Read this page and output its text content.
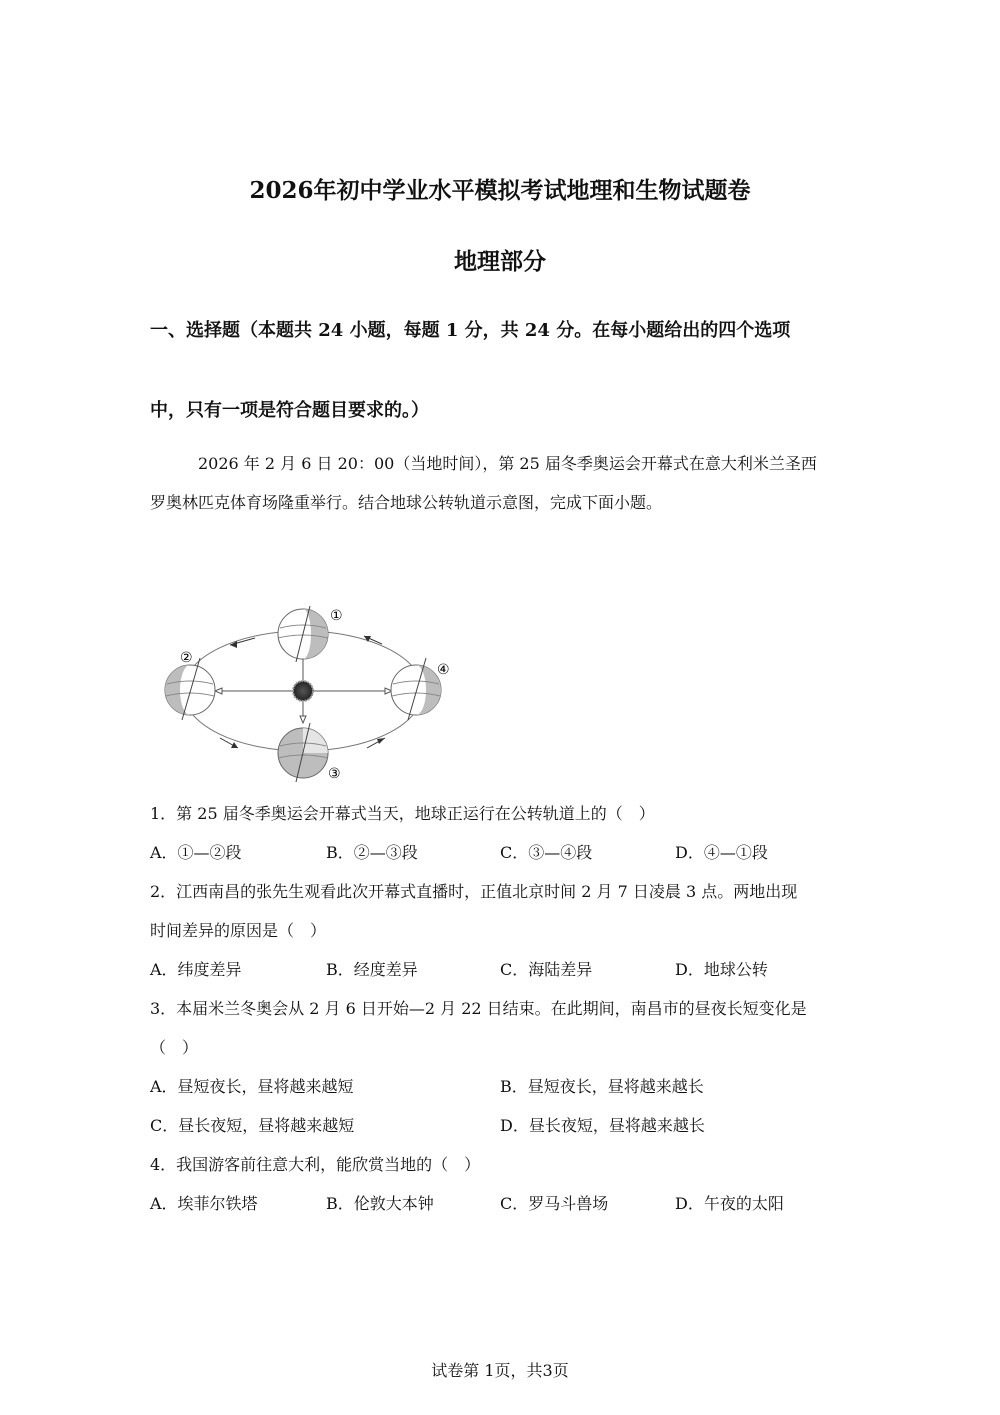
2026年初中学业水平模拟考试地理和生物试题卷
地理部分
一、选择题（本题共 24 小题，每题 1 分，共 24 分。在每小题给出的四个选项
中，只有一项是符合题目要求的。）
2026 年 2 月 6 日 20：00（当地时间），第 25 届冬季奥运会开幕式在意大利米兰圣西
罗奥林匹克体育场隆重举行。结合地球公转轨道示意图，完成下面小题。
①
②
③
④
1．第 25 届冬季奥运会开幕式当天，地球正运行在公转轨道上的（　）
A．①—②段	B．②—③段	C．③—④段	D．④—①段
2．江西南昌的张先生观看此次开幕式直播时，正值北京时间 2 月 7 日凌晨 3 点。两地出现
时间差异的原因是（　）
A．纬度差异	B．经度差异	C．海陆差异	D．地球公转
3．本届米兰冬奥会从 2 月 6 日开始—2 月 22 日结束。在此期间，南昌市的昼夜长短变化是
（　）
A．昼短夜长，昼将越来越短	B．昼短夜长，昼将越来越长
C．昼长夜短，昼将越来越短	D．昼长夜短，昼将越来越长
4．我国游客前往意大利，能欣赏当地的（　）
A．埃菲尔铁塔	B．伦敦大本钟	C．罗马斗兽场	D．午夜的太阳
试卷第 1页，共3页
